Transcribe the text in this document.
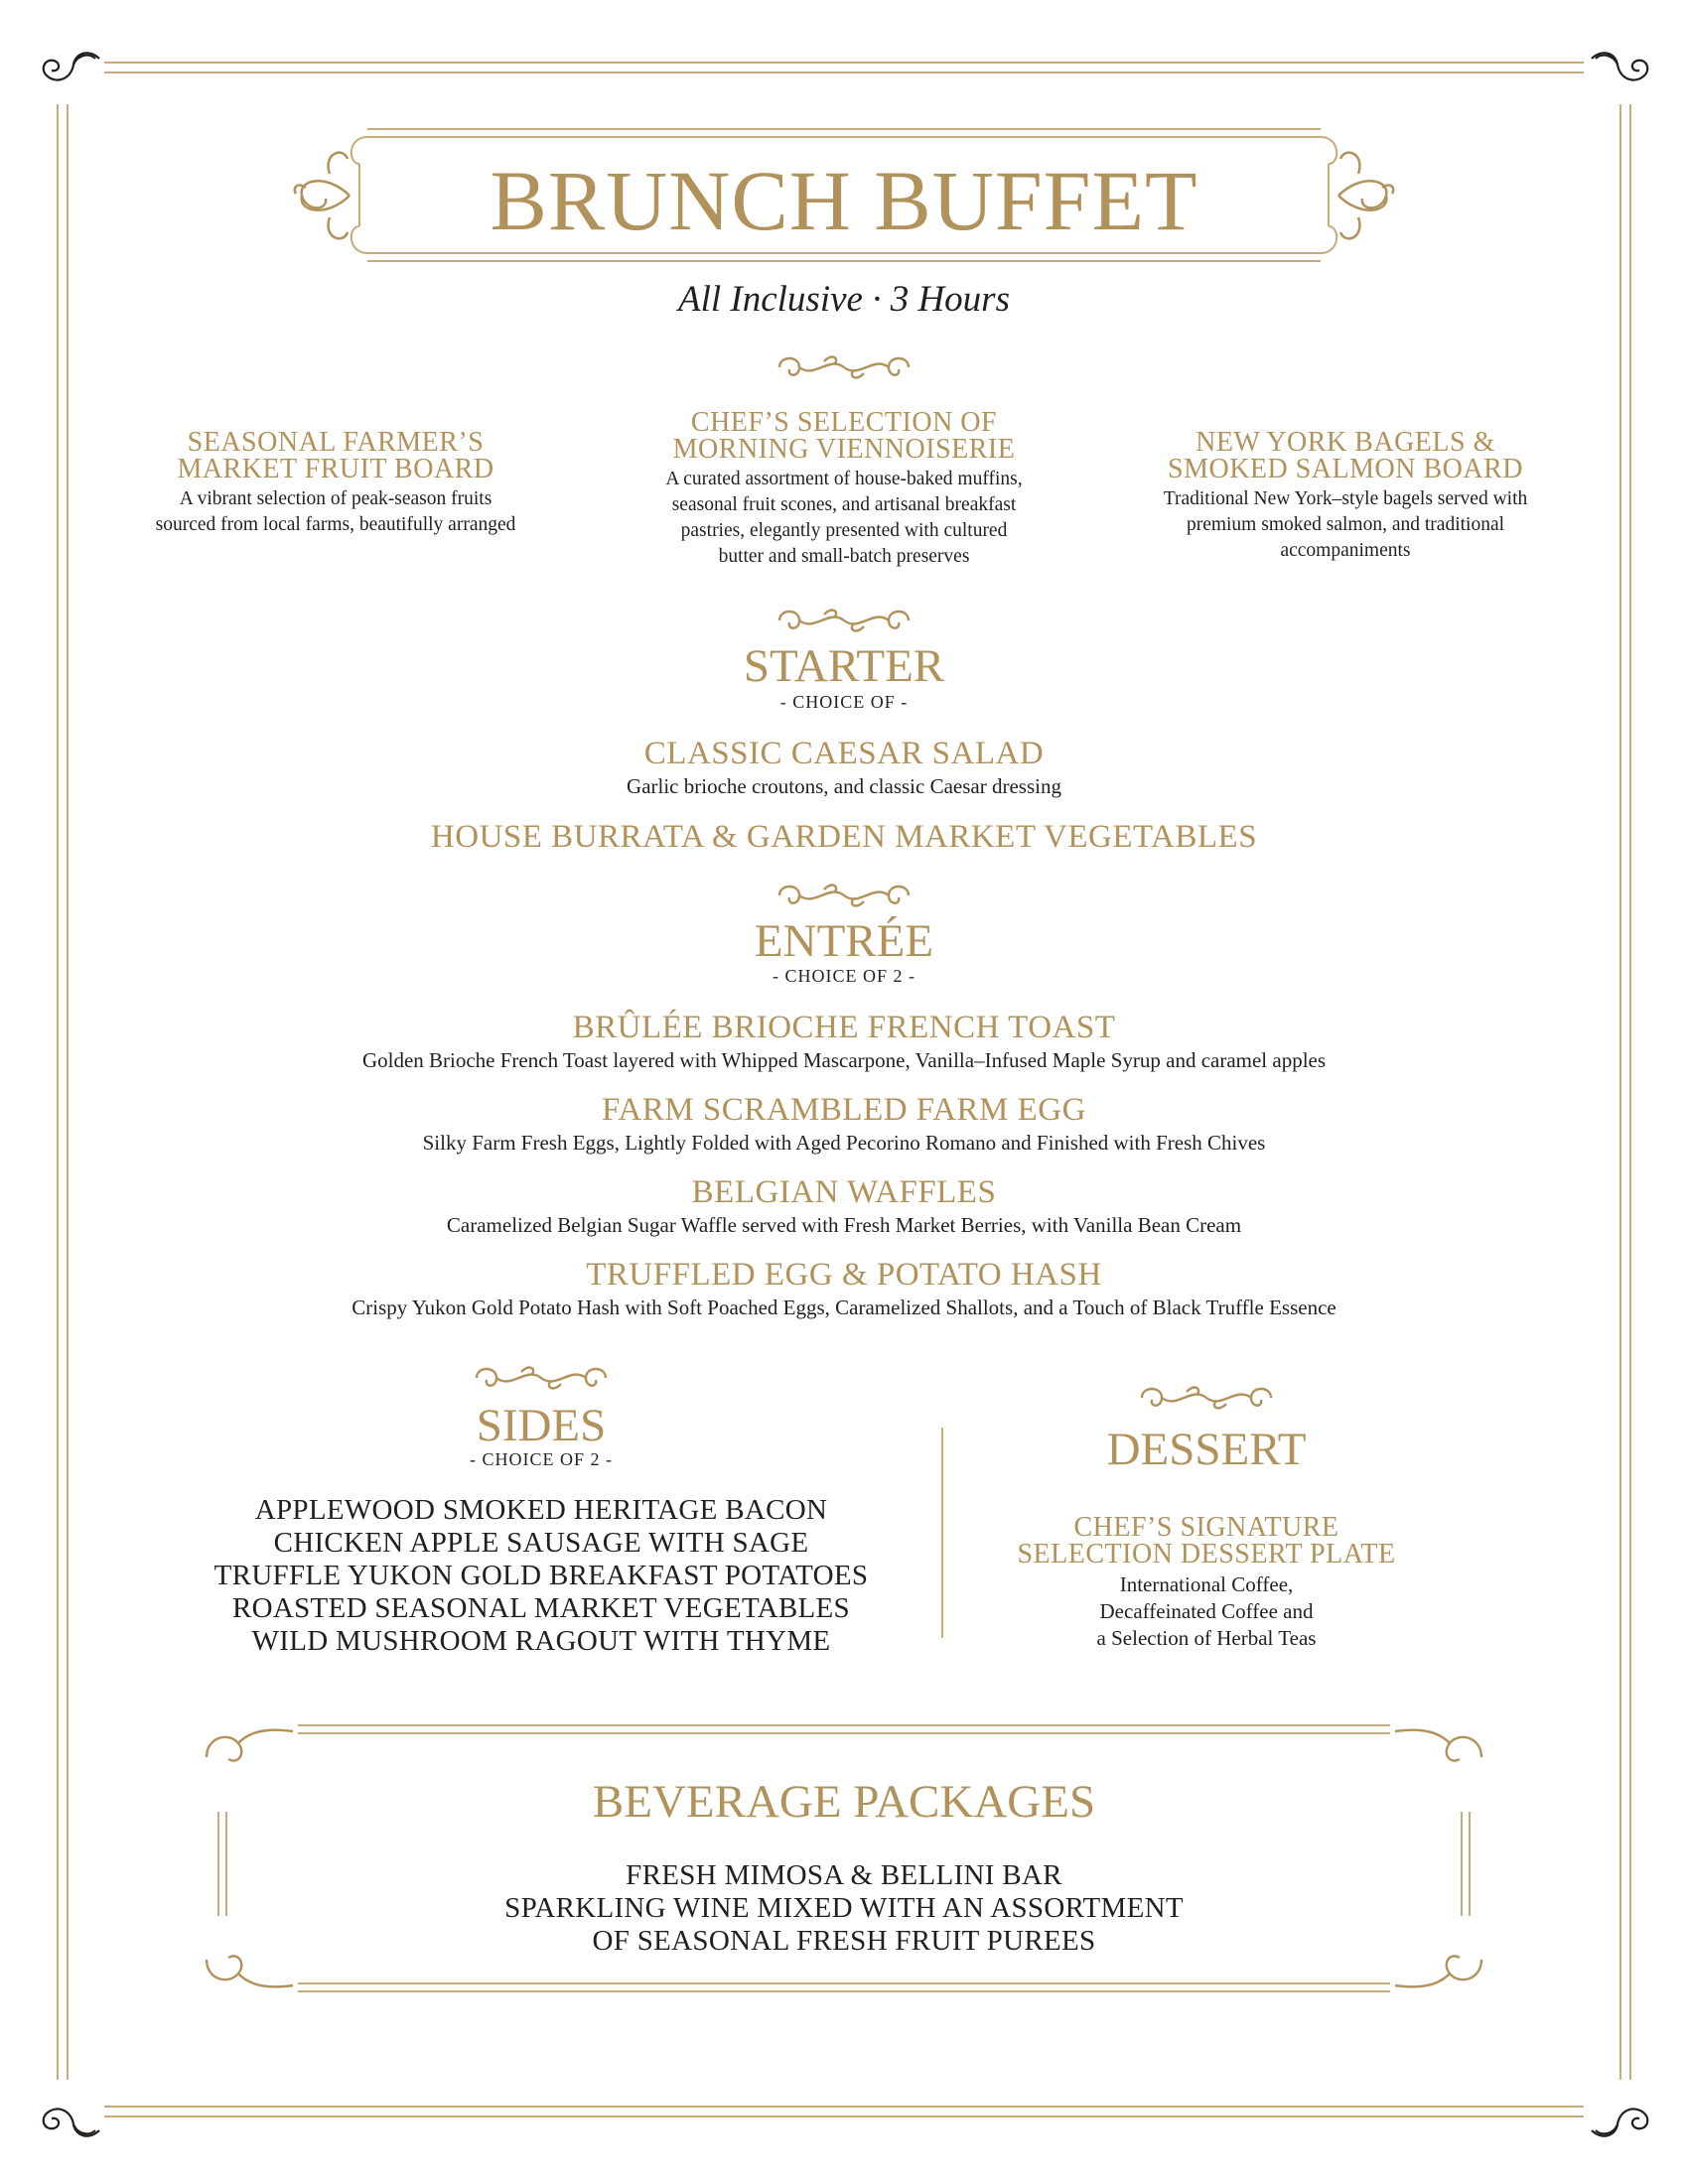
BRUNCH BUFFET
All Inclusive · 3 Hours
SEASONAL FARMER’S
MARKET FRUIT BOARD
A vibrant selection of peak-season fruits
sourced from local farms, beautifully arranged
CHEF’S SELECTION OF
MORNING VIENNOISERIE
A curated assortment of house-baked muffins,
seasonal fruit scones, and artisanal breakfast
pastries, elegantly presented with cultured
butter and small-batch preserves
NEW YORK BAGELS &
SMOKED SALMON BOARD
Traditional New York–style bagels served with
premium smoked salmon, and traditional
accompaniments
STARTER
- CHOICE OF -
CLASSIC CAESAR SALAD
Garlic brioche croutons, and classic Caesar dressing
HOUSE BURRATA & GARDEN MARKET VEGETABLES
ENTRÉE
- CHOICE OF 2 -
BRÛLÉE BRIOCHE FRENCH TOAST
Golden Brioche French Toast layered with Whipped Mascarpone, Vanilla–Infused Maple Syrup and caramel apples
FARM SCRAMBLED FARM EGG
Silky Farm Fresh Eggs, Lightly Folded with Aged Pecorino Romano and Finished with Fresh Chives
BELGIAN WAFFLES
Caramelized Belgian Sugar Waffle served with Fresh Market Berries, with Vanilla Bean Cream
TRUFFLED EGG & POTATO HASH
Crispy Yukon Gold Potato Hash with Soft Poached Eggs, Caramelized Shallots, and a Touch of Black Truffle Essence
SIDES
- CHOICE OF 2 -
APPLEWOOD SMOKED HERITAGE BACON
CHICKEN APPLE SAUSAGE WITH SAGE
TRUFFLE YUKON GOLD BREAKFAST POTATOES
ROASTED SEASONAL MARKET VEGETABLES
WILD MUSHROOM RAGOUT WITH THYME
DESSERT
CHEF’S SIGNATURE
SELECTION DESSERT PLATE
International Coffee,
Decaffeinated Coffee and
a Selection of Herbal Teas
BEVERAGE PACKAGES
FRESH MIMOSA & BELLINI BAR
SPARKLING WINE MIXED WITH AN ASSORTMENT
OF SEASONAL FRESH FRUIT PUREES
